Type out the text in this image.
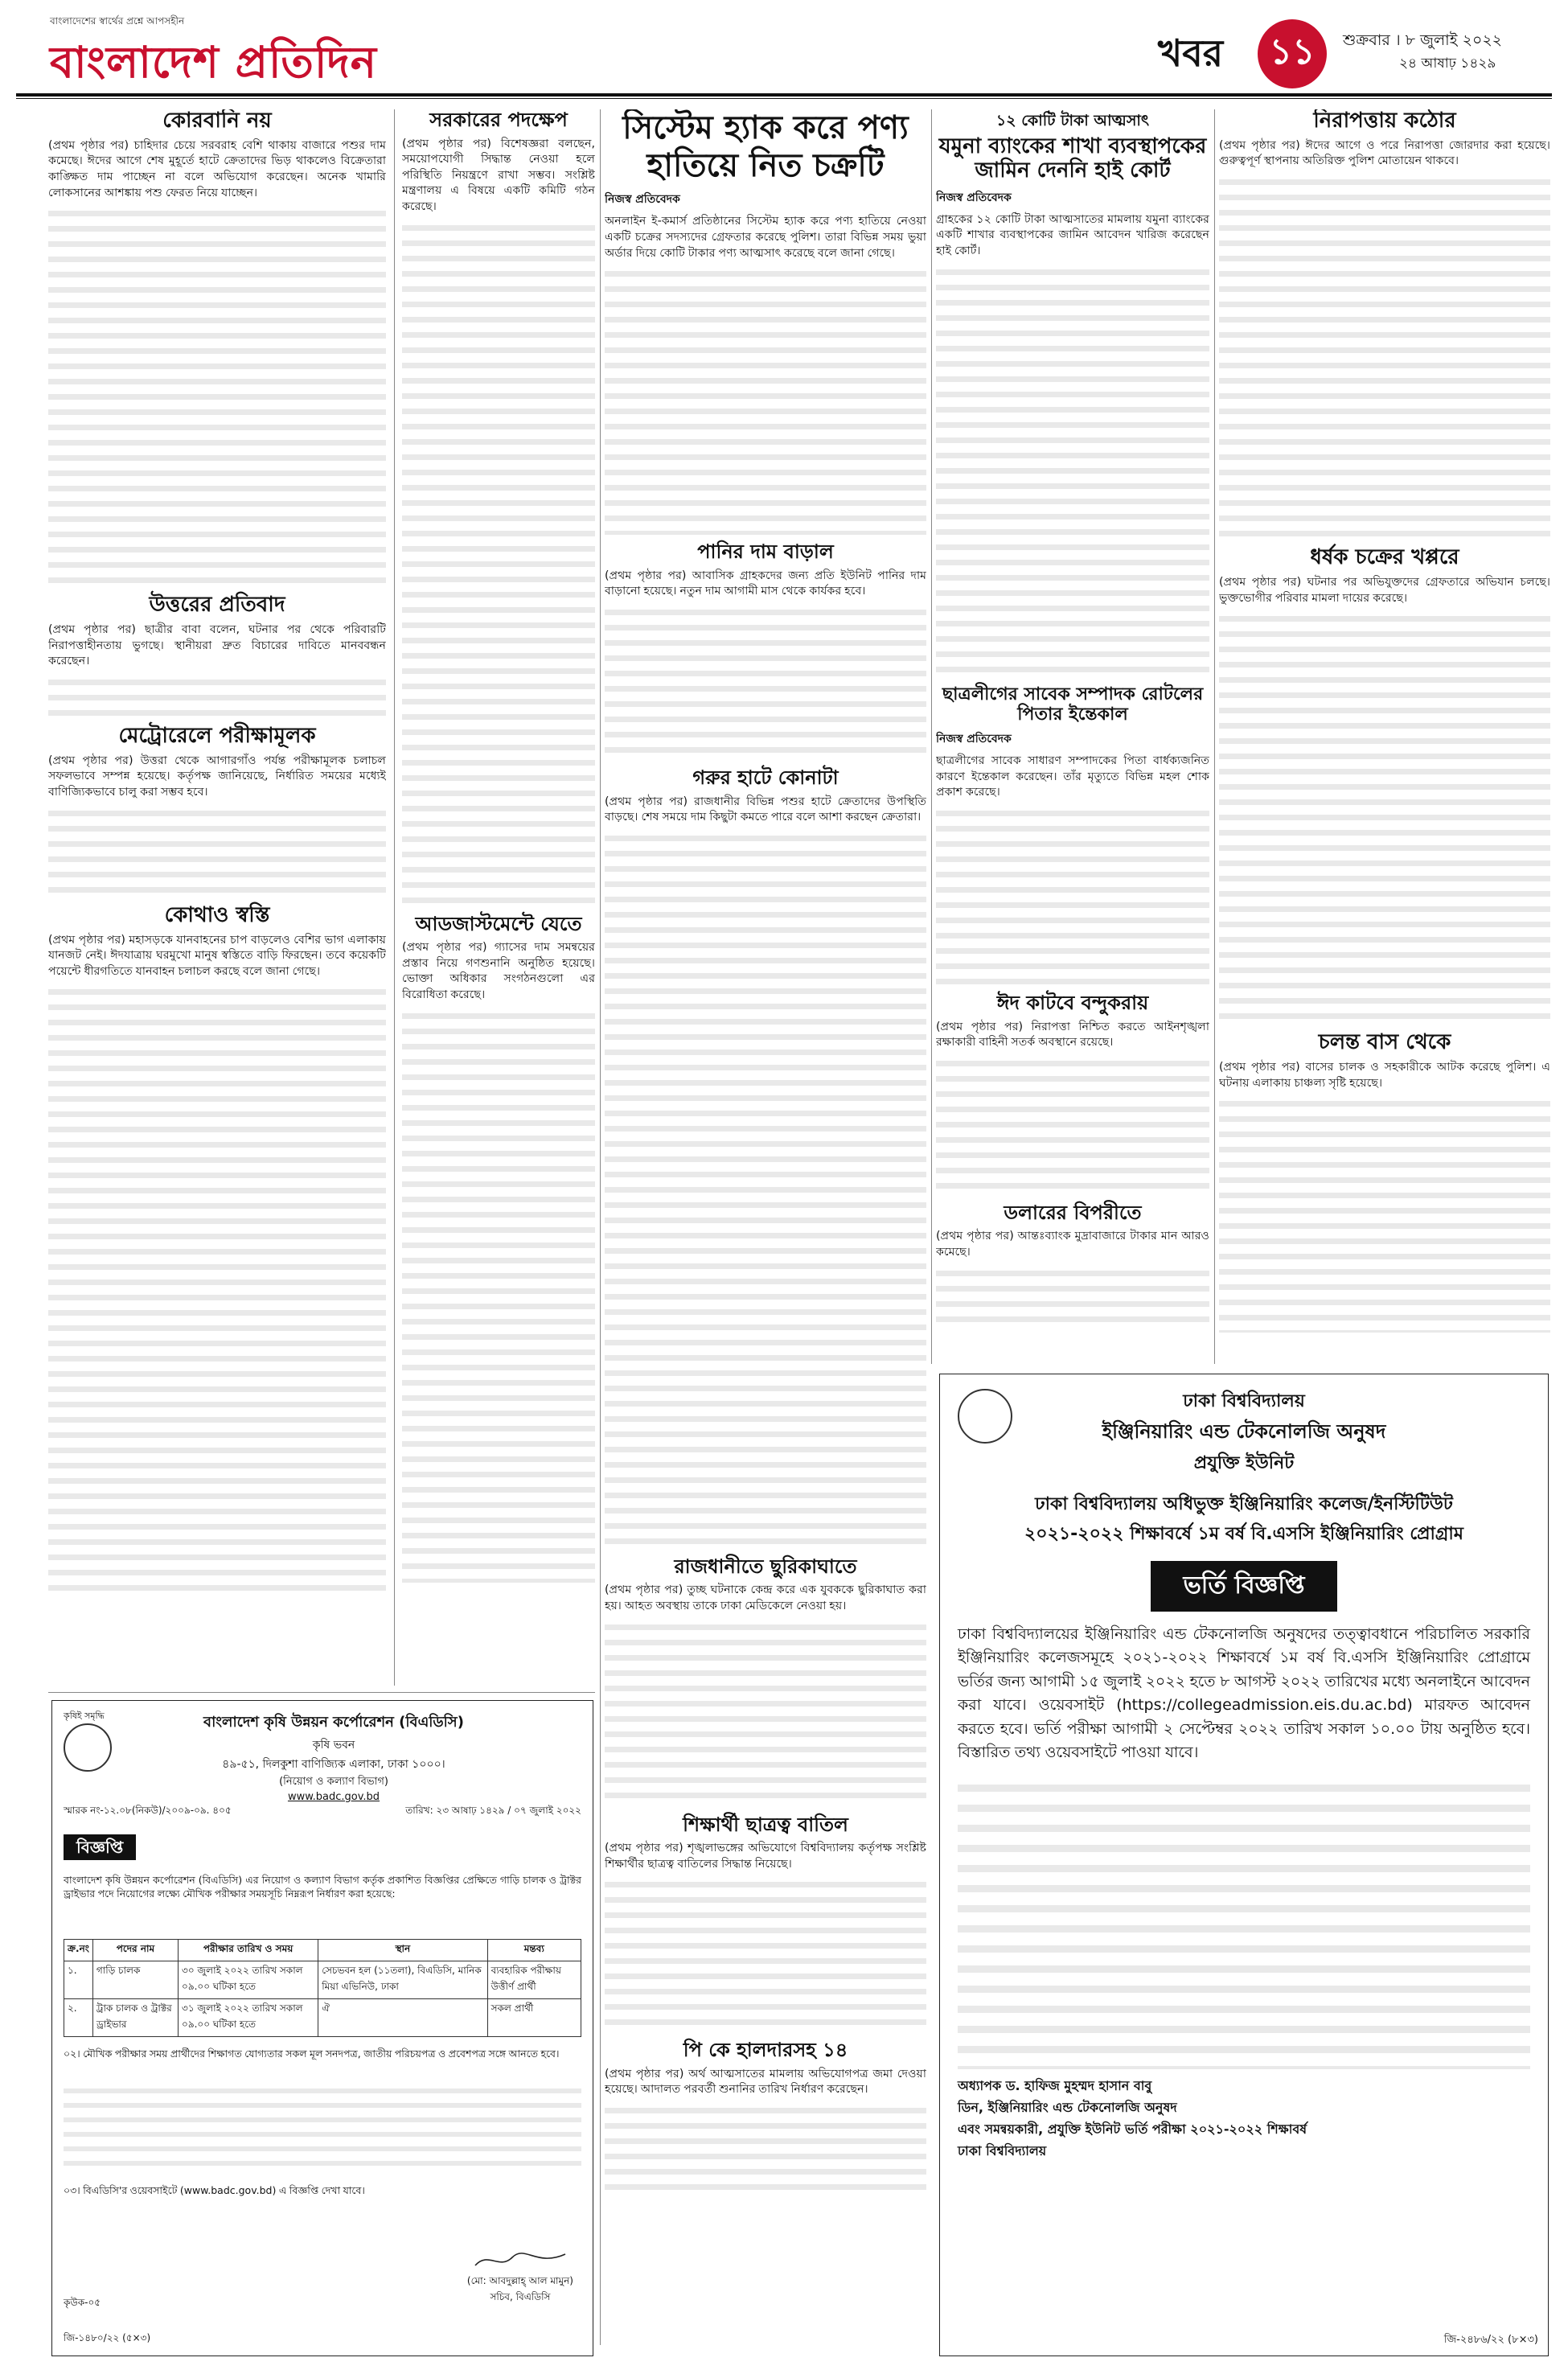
বাংলাদেশের স্বার্থের প্রশ্নে আপসহীন
বাংলাদেশ প্রতিদিন	খবর	১১	শুক্রবার । ৮ জুলাই ২০২২
২৪ আষাঢ় ১৪২৯
কোরবানি নয়

(প্রথম পৃষ্ঠার পর) চাহিদার চেয়ে সরবরাহ বেশি থাকায় বাজারে পশুর দাম কমেছে। ঈদের আগে শেষ মুহূর্তে হাটে ক্রেতাদের ভিড় থাকলেও বিক্রেতারা কাঙ্ক্ষিত দাম পাচ্ছেন না বলে অভিযোগ করেছেন। অনেক খামারি লোকসানের আশঙ্কায় পশু ফেরত নিয়ে যাচ্ছেন।

উত্তরের প্রতিবাদ

(প্রথম পৃষ্ঠার পর) ছাত্রীর বাবা বলেন, ঘটনার পর থেকে পরিবারটি নিরাপত্তাহীনতায় ভুগছে। স্থানীয়রা দ্রুত বিচারের দাবিতে মানববন্ধন করেছেন।

মেট্রোরেলে পরীক্ষামূলক

(প্রথম পৃষ্ঠার পর) উত্তরা থেকে আগারগাঁও পর্যন্ত পরীক্ষামূলক চলাচল সফলভাবে সম্পন্ন হয়েছে। কর্তৃপক্ষ জানিয়েছে, নির্ধারিত সময়ের মধ্যেই বাণিজ্যিকভাবে চালু করা সম্ভব হবে।

কোথাও স্বস্তি

(প্রথম পৃষ্ঠার পর) মহাসড়কে যানবাহনের চাপ বাড়লেও বেশির ভাগ এলাকায় যানজট নেই। ঈদযাত্রায় ঘরমুখো মানুষ স্বস্তিতে বাড়ি ফিরছেন। তবে কয়েকটি পয়েন্টে ধীরগতিতে যানবাহন চলাচল করছে বলে জানা গেছে।

সরকারের পদক্ষেপ

(প্রথম পৃষ্ঠার পর) বিশেষজ্ঞরা বলছেন, সময়োপযোগী সিদ্ধান্ত নেওয়া হলে পরিস্থিতি নিয়ন্ত্রণে রাখা সম্ভব। সংশ্লিষ্ট মন্ত্রণালয় এ বিষয়ে একটি কমিটি গঠন করেছে।

আডজাস্টমেন্টে যেতে

(প্রথম পৃষ্ঠার পর) গ্যাসের দাম সমন্বয়ের প্রস্তাব নিয়ে গণশুনানি অনুষ্ঠিত হয়েছে। ভোক্তা অধিকার সংগঠনগুলো এর বিরোধিতা করেছে।

সিস্টেম হ্যাক করে পণ্য হাতিয়ে নিত চক্রটি
নিজস্ব প্রতিবেদক

অনলাইন ই-কমার্স প্রতিষ্ঠানের সিস্টেম হ্যাক করে পণ্য হাতিয়ে নেওয়া একটি চক্রের সদস্যদের গ্রেফতার করেছে পুলিশ। তারা বিভিন্ন সময় ভুয়া অর্ডার দিয়ে কোটি টাকার পণ্য আত্মসাৎ করেছে বলে জানা গেছে।

পানির দাম বাড়াল

(প্রথম পৃষ্ঠার পর) আবাসিক গ্রাহকদের জন্য প্রতি ইউনিট পানির দাম বাড়ানো হয়েছে। নতুন দাম আগামী মাস থেকে কার্যকর হবে।

গরুর হাটে কোনাটা

(প্রথম পৃষ্ঠার পর) রাজধানীর বিভিন্ন পশুর হাটে ক্রেতাদের উপস্থিতি বাড়ছে। শেষ সময়ে দাম কিছুটা কমতে পারে বলে আশা করছেন ক্রেতারা।

রাজধানীতে ছুরিকাঘাতে

(প্রথম পৃষ্ঠার পর) তুচ্ছ ঘটনাকে কেন্দ্র করে এক যুবককে ছুরিকাঘাত করা হয়। আহত অবস্থায় তাকে ঢাকা মেডিকেলে নেওয়া হয়।

শিক্ষার্থী ছাত্রত্ব বাতিল

(প্রথম পৃষ্ঠার পর) শৃঙ্খলাভঙ্গের অভিযোগে বিশ্ববিদ্যালয় কর্তৃপক্ষ সংশ্লিষ্ট শিক্ষার্থীর ছাত্রত্ব বাতিলের সিদ্ধান্ত নিয়েছে।

পি কে হালদারসহ ১৪

(প্রথম পৃষ্ঠার পর) অর্থ আত্মসাতের মামলায় অভিযোগপত্র জমা দেওয়া হয়েছে। আদালত পরবর্তী শুনানির তারিখ নির্ধারণ করেছেন।

১২ কোটি টাকা আত্মসাৎ
যমুনা ব্যাংকের শাখা ব্যবস্থাপকের জামিন দেননি হাই কোর্ট
নিজস্ব প্রতিবেদক

গ্রাহকের ১২ কোটি টাকা আত্মসাতের মামলায় যমুনা ব্যাংকের একটি শাখার ব্যবস্থাপকের জামিন আবেদন খারিজ করেছেন হাই কোর্ট।

ছাত্রলীগের সাবেক সম্পাদক রোটলের পিতার ইন্তেকাল
নিজস্ব প্রতিবেদক

ছাত্রলীগের সাবেক সাধারণ সম্পাদকের পিতা বার্ধক্যজনিত কারণে ইন্তেকাল করেছেন। তাঁর মৃত্যুতে বিভিন্ন মহল শোক প্রকাশ করেছে।

ঈদ কাটবে বন্দুকরায়

(প্রথম পৃষ্ঠার পর) নিরাপত্তা নিশ্চিত করতে আইনশৃঙ্খলা রক্ষাকারী বাহিনী সতর্ক অবস্থানে রয়েছে।

ডলারের বিপরীতে

(প্রথম পৃষ্ঠার পর) আন্তঃব্যাংক মুদ্রাবাজারে টাকার মান আরও কমেছে।

নিরাপত্তায় কঠোর

(প্রথম পৃষ্ঠার পর) ঈদের আগে ও পরে নিরাপত্তা জোরদার করা হয়েছে। গুরুত্বপূর্ণ স্থাপনায় অতিরিক্ত পুলিশ মোতায়েন থাকবে।

ধর্ষক চক্রের খপ্পরে

(প্রথম পৃষ্ঠার পর) ঘটনার পর অভিযুক্তদের গ্রেফতারে অভিযান চলছে। ভুক্তভোগীর পরিবার মামলা দায়ের করেছে।

চলন্ত বাস থেকে

(প্রথম পৃষ্ঠার পর) বাসের চালক ও সহকারীকে আটক করেছে পুলিশ। এ ঘটনায় এলাকায় চাঞ্চল্য সৃষ্টি হয়েছে।

ঢাকা বিশ্ববিদ্যালয়
ইঞ্জিনিয়ারিং এন্ড টেকনোলজি অনুষদ
প্রযুক্তি ইউনিট
ঢাকা বিশ্ববিদ্যালয় অধিভুক্ত ইঞ্জিনিয়ারিং কলেজ/ইনস্টিটিউট
২০২১-২০২২ শিক্ষাবর্ষে ১ম বর্ষ বি.এসসি ইঞ্জিনিয়ারিং প্রোগ্রাম
ভর্তি বিজ্ঞপ্তি

ঢাকা বিশ্ববিদ্যালয়ের ইঞ্জিনিয়ারিং এন্ড টেকনোলজি অনুষদের তত্ত্বাবধানে পরিচালিত সরকারি ইঞ্জিনিয়ারিং কলেজসমূহে ২০২১-২০২২ শিক্ষাবর্ষে ১ম বর্ষ বি.এসসি ইঞ্জিনিয়ারিং প্রোগ্রামে ভর্তির জন্য আগামী ১৫ জুলাই ২০২২ হতে ৮ আগস্ট ২০২২ তারিখের মধ্যে অনলাইনে আবেদন করা যাবে। ওয়েবসাইট (https://collegeadmission.eis.du.ac.bd) মারফত আবেদন করতে হবে। ভর্তি পরীক্ষা আগামী ২ সেপ্টেম্বর ২০২২ তারিখ সকাল ১০.০০ টায় অনুষ্ঠিত হবে। বিস্তারিত তথ্য ওয়েবসাইটে পাওয়া যাবে।

অধ্যাপক ড. হাফিজ মুহম্মদ হাসান বাবু
ডিন, ইঞ্জিনিয়ারিং এন্ড টেকনোলজি অনুষদ
এবং সমন্বয়কারী, প্রযুক্তি ইউনিট ভর্তি পরীক্ষা ২০২১-২০২২ শিক্ষাবর্ষ
ঢাকা বিশ্ববিদ্যালয়
জি-২৪৮৬/২২ (৮×৩)
কৃষিই সমৃদ্ধি	বাংলাদেশ কৃষি উন্নয়ন কর্পোরেশন (বিএডিসি)
কৃষি ভবন
৪৯-৫১, দিলকুশা বাণিজ্যিক এলাকা, ঢাকা ১০০০।
(নিয়োগ ও কল্যাণ বিভাগ)
www.badc.gov.bd
স্মারক নং-১২.০৮(নিকউ)/২০০৯-০৯. ৪০৫	তারিখ: ২৩ আষাঢ় ১৪২৯ / ০৭ জুলাই ২০২২
বিজ্ঞপ্তি

বাংলাদেশ কৃষি উন্নয়ন কর্পোরেশন (বিএডিসি) এর নিয়োগ ও কল্যাণ বিভাগ কর্তৃক প্রকাশিত বিজ্ঞপ্তির প্রেক্ষিতে গাড়ি চালক ও ট্রাক্টর ড্রাইভার পদে নিয়োগের লক্ষ্যে মৌখিক পরীক্ষার সময়সূচি নিম্নরূপ নির্ধারণ করা হয়েছে:

ক্র.নং	পদের নাম	পরীক্ষার তারিখ ও সময়	স্থান	মন্তব্য
১.	গাড়ি চালক	৩০ জুলাই ২০২২ তারিখ সকাল ০৯.০০ ঘটিকা হতে	সেচভবন হল (১১তলা), বিএডিসি, মানিক মিয়া এভিনিউ, ঢাকা	ব্যবহারিক পরীক্ষায় উত্তীর্ণ প্রার্থী
২.	ট্রাক চালক ও ট্রাক্টর ড্রাইভার	৩১ জুলাই ২০২২ তারিখ সকাল ০৯.০০ ঘটিকা হতে	ঐ	সকল প্রার্থী

০২। মৌখিক পরীক্ষার সময় প্রার্থীদের শিক্ষাগত যোগ্যতার সকল মূল সনদপত্র, জাতীয় পরিচয়পত্র ও প্রবেশপত্র সঙ্গে আনতে হবে।

০৩। বিএডিসি'র ওয়েবসাইটে (www.badc.gov.bd) এ বিজ্ঞপ্তি দেখা যাবে।

(মো: আবদুল্লাহ্ আল মামুন)
সচিব, বিএডিসি
কৃউক-০৫
জি-১৪৮০/২২ (৫×৩)
